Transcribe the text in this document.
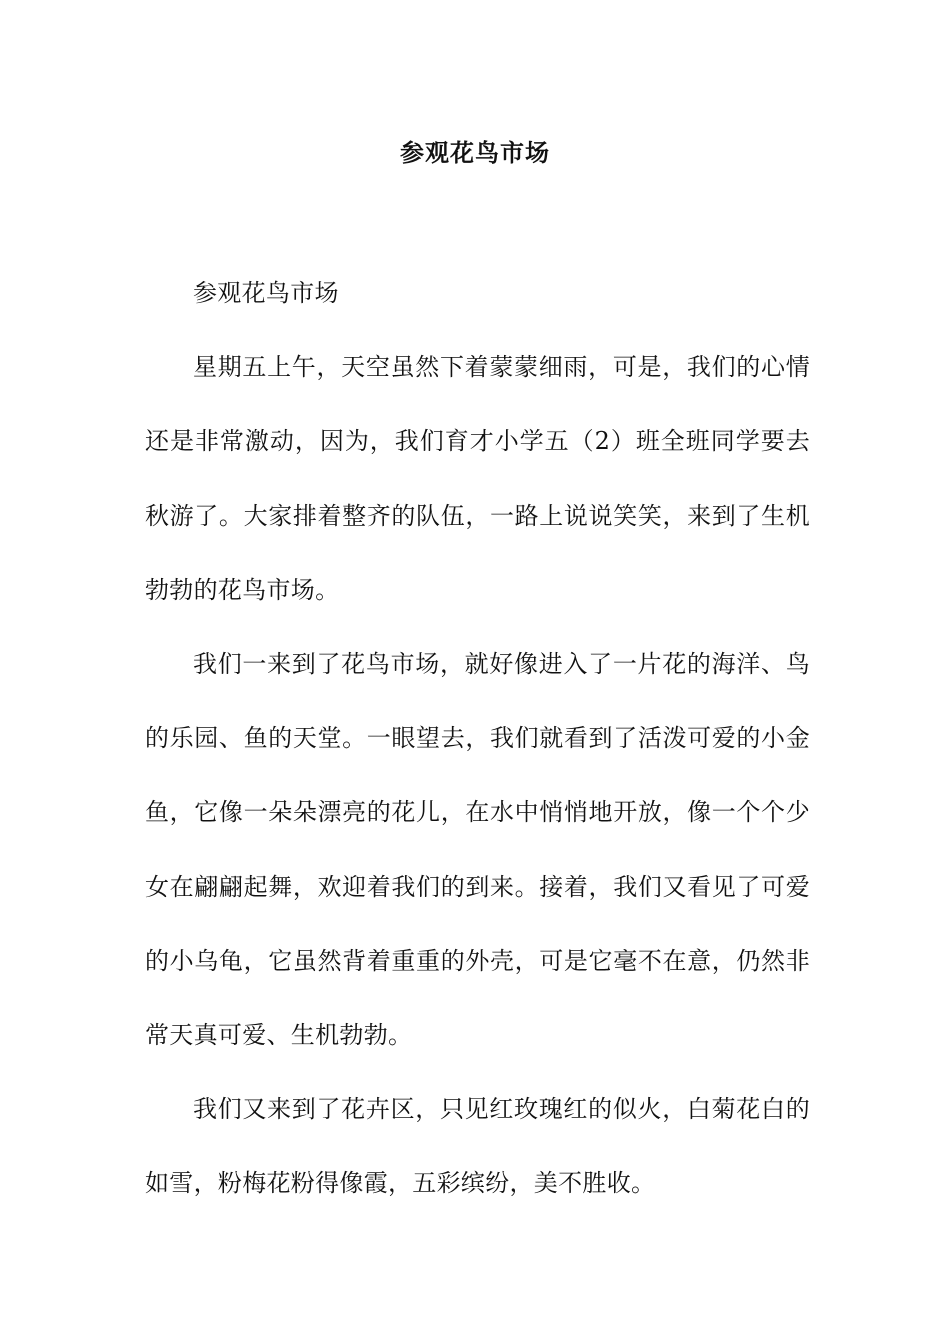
参观花鸟市场

参观花鸟市场

星期五上午，天空虽然下着蒙蒙细雨，可是，我们的心情还是非常激动，因为，我们育才小学五（2）班全班同学要去秋游了。大家排着整齐的队伍，一路上说说笑笑，来到了生机勃勃的花鸟市场。

我们一来到了花鸟市场，就好像进入了一片花的海洋、鸟的乐园、鱼的天堂。一眼望去，我们就看到了活泼可爱的小金鱼，它像一朵朵漂亮的花儿，在水中悄悄地开放，像一个个少女在翩翩起舞，欢迎着我们的到来。接着，我们又看见了可爱的小乌龟，它虽然背着重重的外壳，可是它毫不在意，仍然非常天真可爱、生机勃勃。

我们又来到了花卉区，只见红玫瑰红的似火，白菊花白的如雪，粉梅花粉得像霞，五彩缤纷，美不胜收。
